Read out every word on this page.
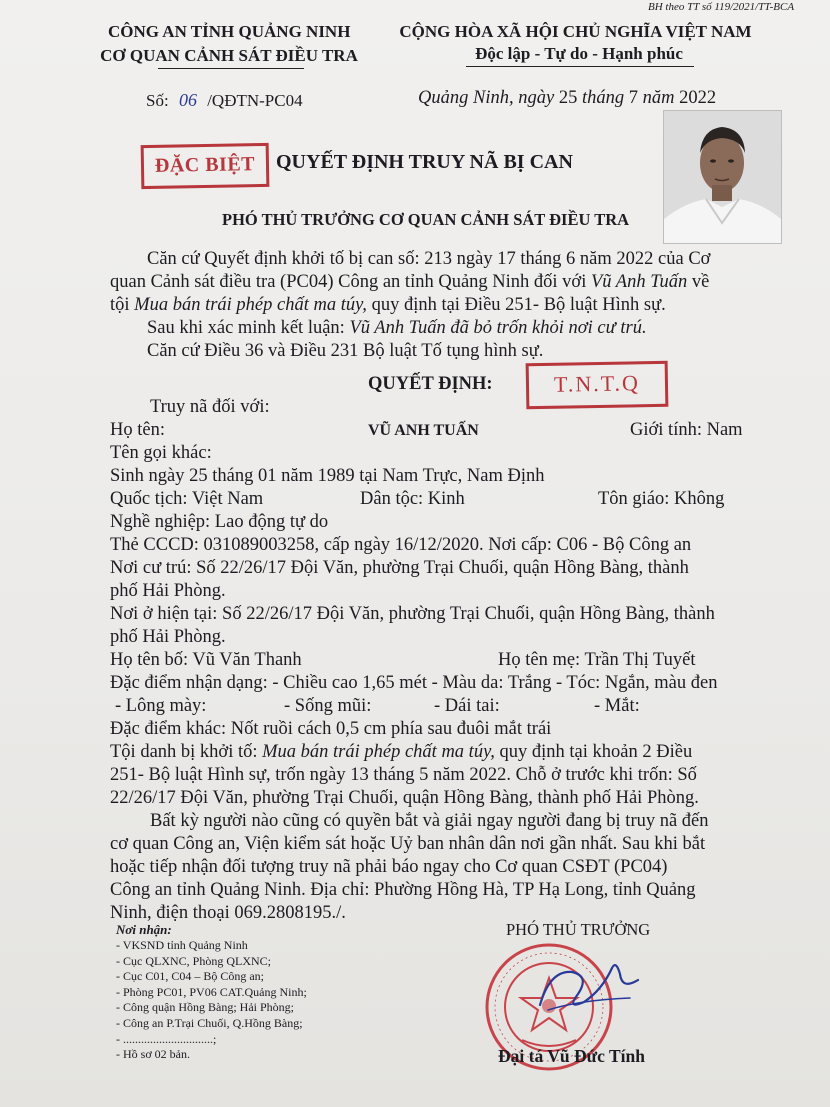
CÔNG AN TỈNH QUẢNG NINH
CƠ QUAN CẢNH SÁT ĐIỀU TRA
BH theo TT số 119/2021/TT-BCA
CỘNG HÒA XÃ HỘI CHỦ NGHĨA VIỆT NAM
Độc lập - Tự do - Hạnh phúc
Số: 06 /QĐTN-PC04	Quảng Ninh, ngày 25 tháng 7 năm 2022
ĐẶC BIỆT	QUYẾT ĐỊNH TRUY NÃ BỊ CAN
PHÓ THỦ TRƯỞNG CƠ QUAN CẢNH SÁT ĐIỀU TRA
Căn cứ Quyết định khởi tố bị can số: 213 ngày 17 tháng 6 năm 2022 của Cơ
quan Cảnh sát điều tra (PC04) Công an tỉnh Quảng Ninh đối với Vũ Anh Tuấn về
tội Mua bán trái phép chất ma túy, quy định tại Điều 251- Bộ luật Hình sự.
Sau khi xác minh kết luận: Vũ Anh Tuấn đã bỏ trốn khỏi nơi cư trú.
Căn cứ Điều 36 và Điều 231 Bộ luật Tố tụng hình sự.
QUYẾT ĐỊNH:	T.N.T.Q
Truy nã đối với:
Họ tên:	VŨ ANH TUẤN	Giới tính: Nam
Tên gọi khác:
Sinh ngày 25 tháng 01 năm 1989 tại Nam Trực, Nam Định
Quốc tịch: Việt Nam	Dân tộc: Kinh	Tôn giáo: Không
Nghề nghiệp: Lao động tự do
Thẻ CCCD: 031089003258, cấp ngày 16/12/2020. Nơi cấp: C06 - Bộ Công an
Nơi cư trú: Số 22/26/17 Đội Văn, phường Trại Chuối, quận Hồng Bàng, thành
phố Hải Phòng.
Nơi ở hiện tại: Số 22/26/17 Đội Văn, phường Trại Chuối, quận Hồng Bàng, thành
phố Hải Phòng.
Họ tên bố: Vũ Văn Thanh	Họ tên mẹ: Trần Thị Tuyết
Đặc điểm nhận dạng: - Chiều cao 1,65 mét - Màu da: Trắng - Tóc: Ngắn, màu đen
- Lông mày:	- Sống mũi:	- Dái tai:	- Mắt:
Đặc điểm khác: Nốt ruồi cách 0,5 cm phía sau đuôi mắt trái
Tội danh bị khởi tố: Mua bán trái phép chất ma túy, quy định tại khoản 2 Điều
251- Bộ luật Hình sự, trốn ngày 13 tháng 5 năm 2022. Chỗ ở trước khi trốn: Số
22/26/17 Đội Văn, phường Trại Chuối, quận Hồng Bàng, thành phố Hải Phòng.
Bất kỳ người nào cũng có quyền bắt và giải ngay người đang bị truy nã đến
cơ quan Công an, Viện kiểm sát hoặc Uỷ ban nhân dân nơi gần nhất. Sau khi bắt
hoặc tiếp nhận đối tượng truy nã phải báo ngay cho Cơ quan CSĐT (PC04)
Công an tỉnh Quảng Ninh. Địa chỉ: Phường Hồng Hà, TP Hạ Long, tỉnh Quảng
Ninh, điện thoại 069.2808195./.
Nơi nhận:
- VKSND tỉnh Quảng Ninh
- Cục QLXNC, Phòng QLXNC;
- Cục C01, C04 – Bộ Công an;
- Phòng PC01, PV06 CAT.Quảng Ninh;
- Công quận Hồng Bàng; Hải Phòng;
- Công an P.Trại Chuối, Q.Hồng Bàng;
- ..............................;
- Hồ sơ 02 bản.
PHÓ THỦ TRƯỞNG
Đại tá Vũ Đức Tính
